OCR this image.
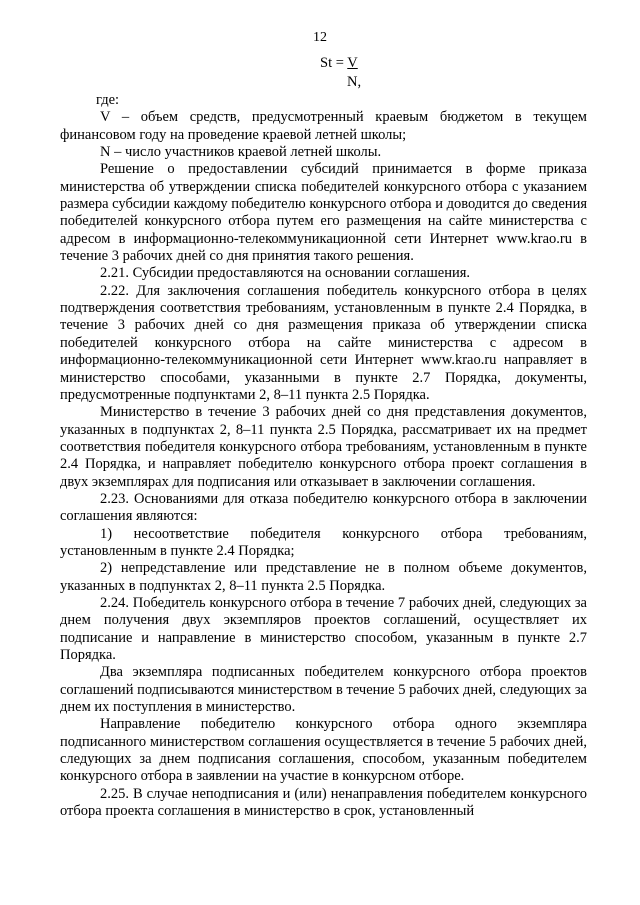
12
St = V
N,

где:

V – объем средств, предусмотренный краевым бюджетом в текущем финансовом году на проведение краевой летней школы;

N – число участников краевой летней школы.

Решение о предоставлении субсидий принимается в форме приказа министерства об утверждении списка победителей конкурсного отбора с указанием размера субсидии каждому победителю конкурсного отбора и доводится до сведения победителей конкурсного отбора путем его размещения на сайте министерства с адресом в информационно-телекоммуникационной сети Интернет www.krao.ru в течение 3 рабочих дней со дня принятия такого решения.

2.21. Субсидии предоставляются на основании соглашения.

2.22. Для заключения соглашения победитель конкурсного отбора в целях подтверждения соответствия требованиям, установленным в пункте 2.4 Порядка, в течение 3 рабочих дней со дня размещения приказа об утверждении списка победителей конкурсного отбора на сайте министерства с адресом в информационно-телекоммуникационной сети Интернет www.krao.ru направляет в министерство способами, указанными в пункте 2.7 Порядка, документы, предусмотренные подпунктами 2, 8–11 пункта 2.5 Порядка.

Министерство в течение 3 рабочих дней со дня представления документов, указанных в подпунктах 2, 8–11 пункта 2.5 Порядка, рассматривает их на предмет соответствия победителя конкурсного отбора требованиям, установленным в пункте 2.4 Порядка, и направляет победителю конкурсного отбора проект соглашения в двух экземплярах для подписания или отказывает в заключении соглашения.

2.23. Основаниями для отказа победителю конкурсного отбора в заключении соглашения являются:

1) несоответствие победителя конкурсного отбора требованиям, установленным в пункте 2.4 Порядка;

2) непредставление или представление не в полном объеме документов, указанных в подпунктах 2, 8–11 пункта 2.5 Порядка.

2.24. Победитель конкурсного отбора в течение 7 рабочих дней, следующих за днем получения двух экземпляров проектов соглашений, осуществляет их подписание и направление в министерство способом, указанным в пункте 2.7 Порядка.

Два экземпляра подписанных победителем конкурсного отбора проектов соглашений подписываются министерством в течение 5 рабочих дней, следующих за днем их поступления в министерство.

Направление победителю конкурсного отбора одного экземпляра подписанного министерством соглашения осуществляется в течение 5 рабочих дней, следующих за днем подписания соглашения, способом, указанным победителем конкурсного отбора в заявлении на участие в конкурсном отборе.

2.25. В случае неподписания и (или) ненаправления победителем конкурсного отбора проекта соглашения в министерство в срок, установленный
